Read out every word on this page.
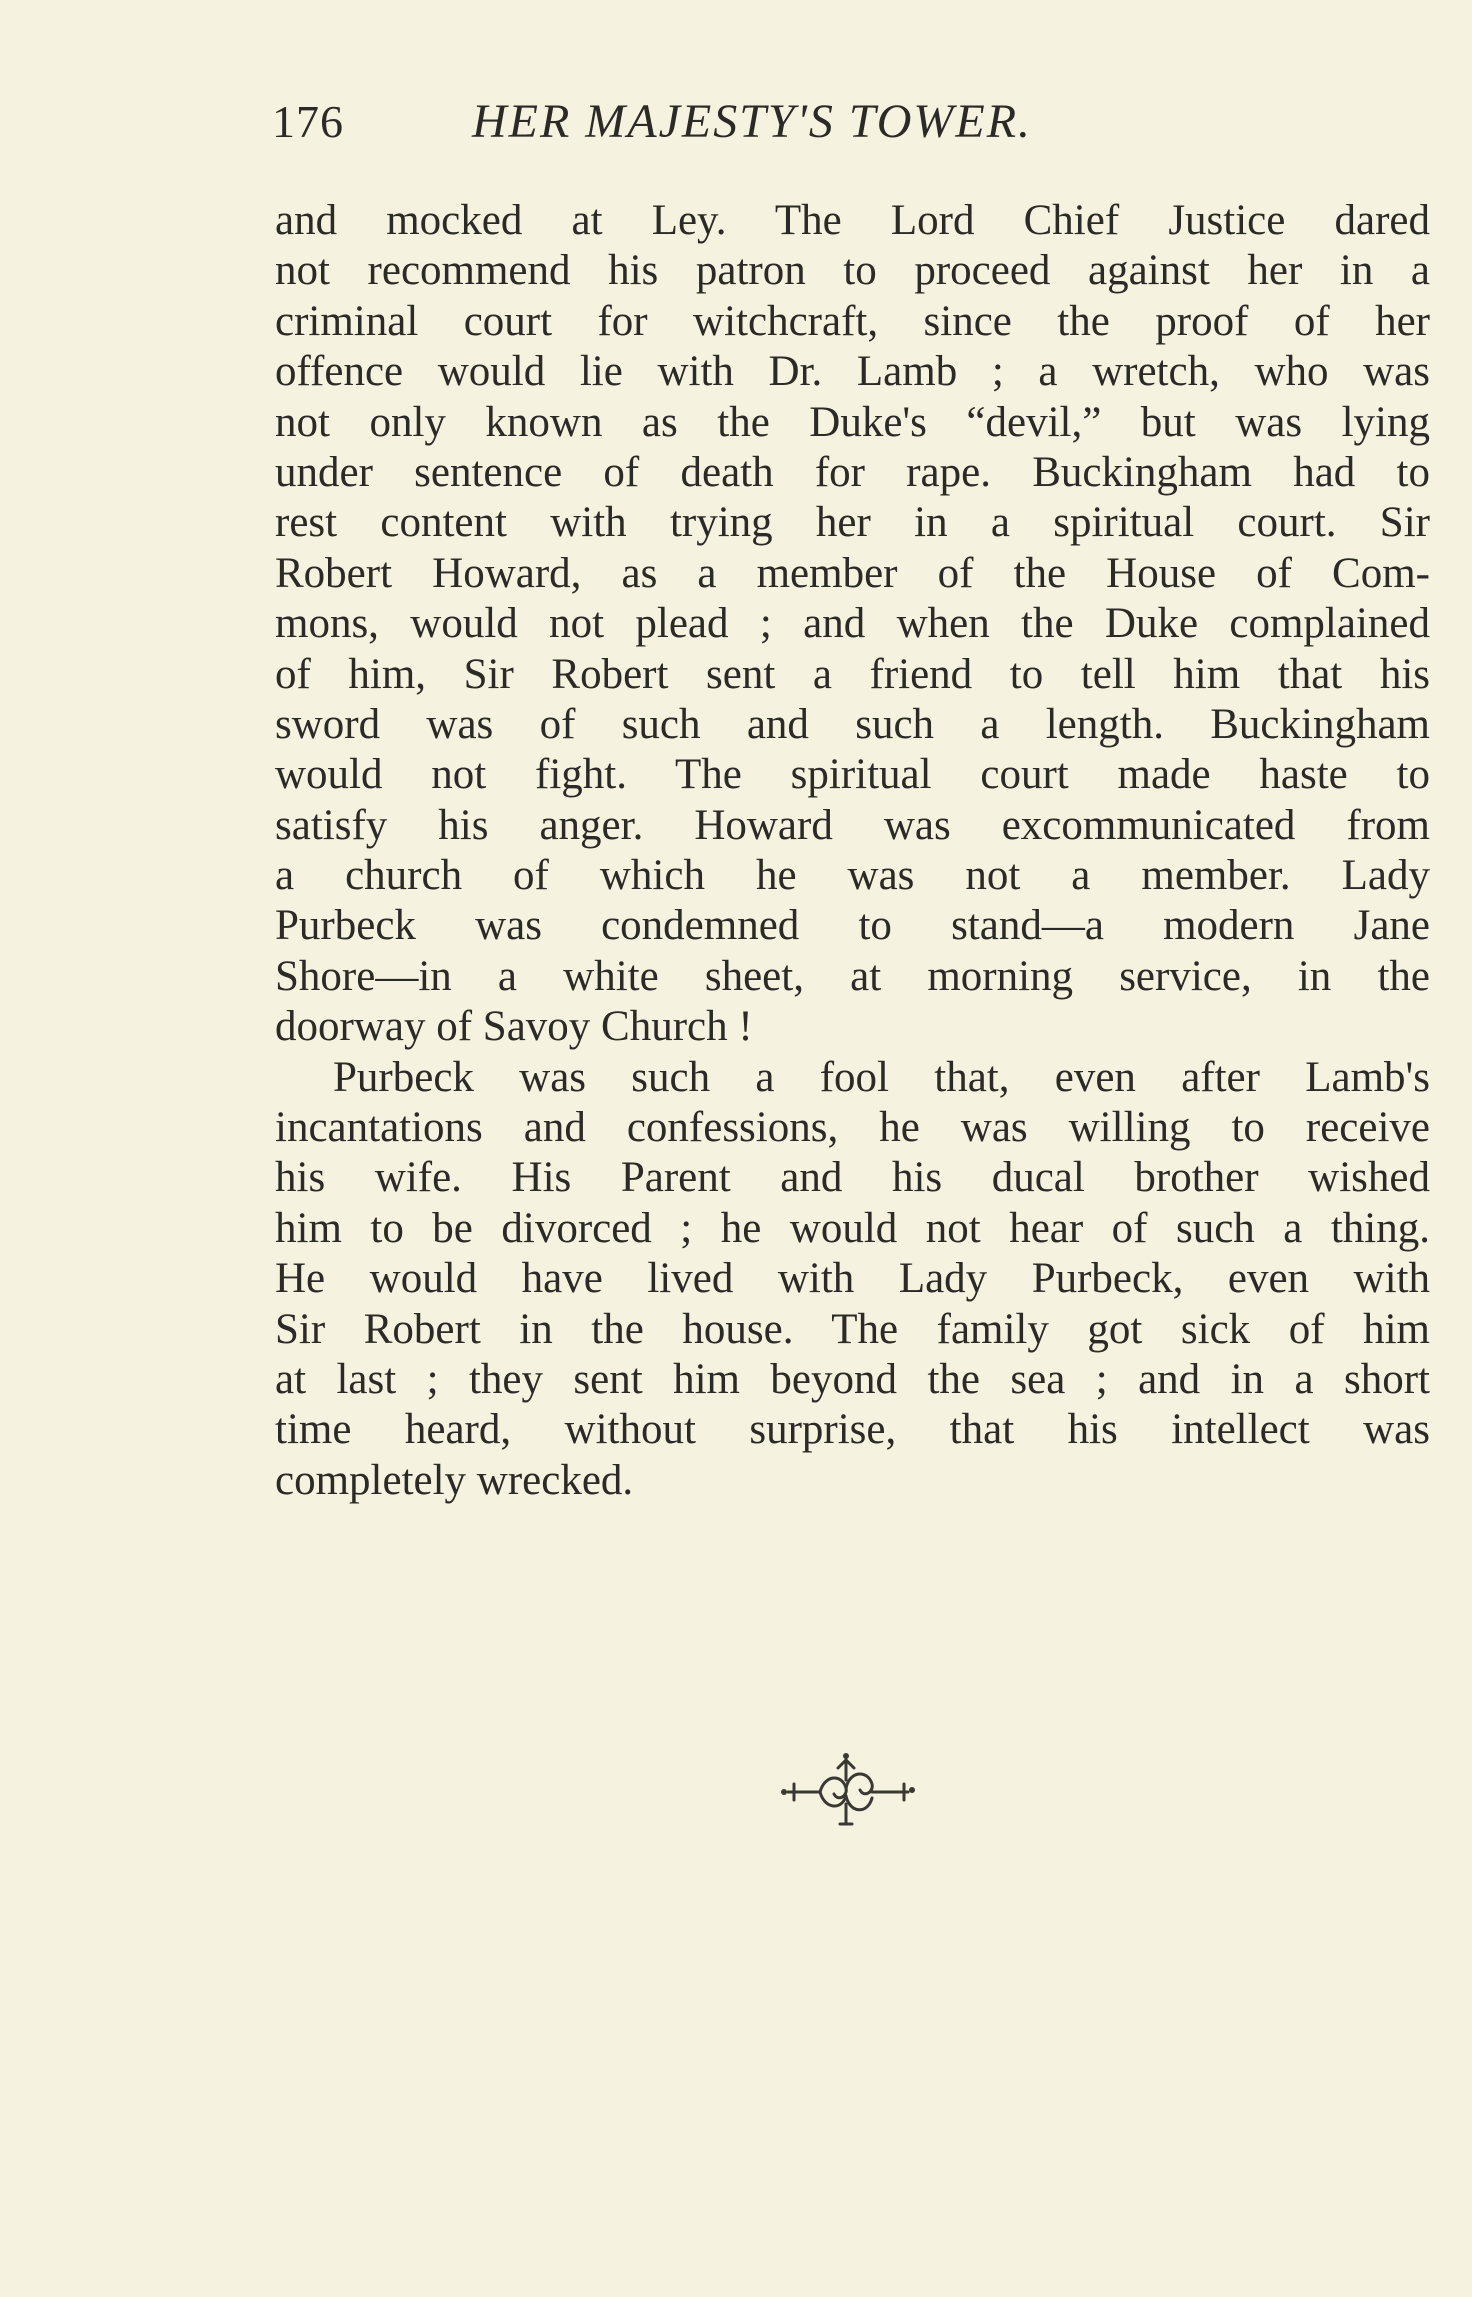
176	HER MAJESTY'S TOWER.
and mocked at Ley. The Lord Chief Justice dared
not recommend his patron to proceed against her in a
criminal court for witchcraft, since the proof of her
offence would lie with Dr. Lamb ; a wretch, who was
not only known as the Duke's “devil,” but was lying
under sentence of death for rape. Buckingham had to
rest content with trying her in a spiritual court. Sir
Robert Howard, as a member of the House of Com-
mons, would not plead ; and when the Duke complained
of him, Sir Robert sent a friend to tell him that his
sword was of such and such a length. Buckingham
would not fight. The spiritual court made haste to
satisfy his anger. Howard was excommunicated from
a church of which he was not a member. Lady
Purbeck was condemned to stand—a modern Jane
Shore—in a white sheet, at morning service, in the
doorway of Savoy Church !
Purbeck was such a fool that, even after Lamb's
incantations and confessions, he was willing to receive
his wife. His Parent and his ducal brother wished
him to be divorced ; he would not hear of such a thing.
He would have lived with Lady Purbeck, even with
Sir Robert in the house. The family got sick of him
at last ; they sent him beyond the sea ; and in a short
time heard, without surprise, that his intellect was
completely wrecked.
